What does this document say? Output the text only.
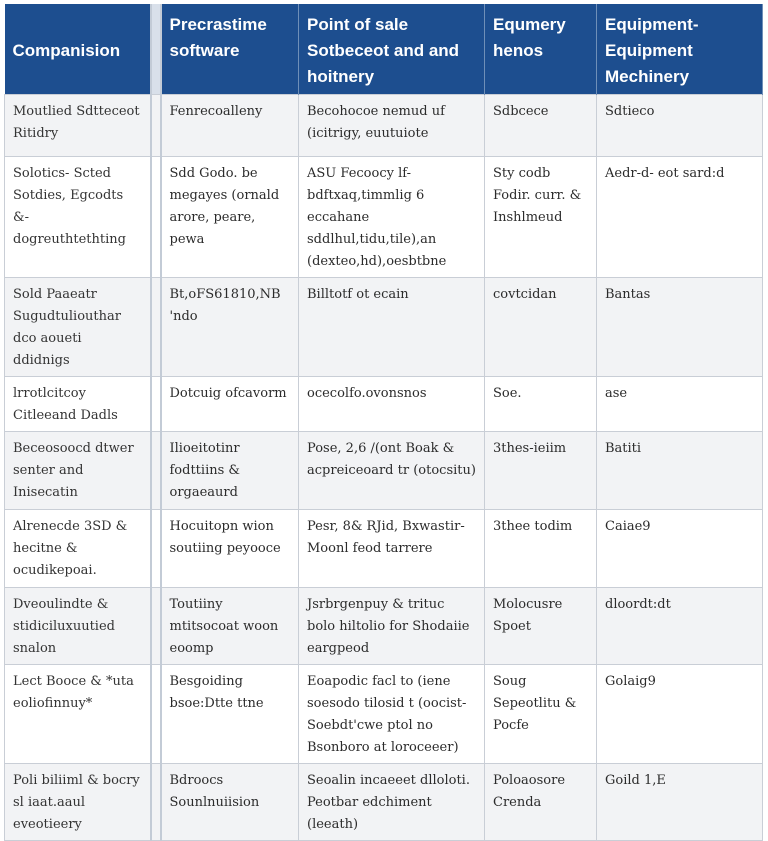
Companision		Precrastime software	Point of sale Sotbeceot and and hoitnery	Equmery henos	Equipment- Equipment Mechinery
Moutlied Sdtteceot Ritidry		Fenrecoalleny	Becohocoe nemud uf (icitrigy, euutuiote	Sdbcece	Sdtieco
Solotics- Scted Sotdies, Egcodts &- dogreuthtethting		Sdd Godo. be megayes (ornald arore, peare, pewa	ASU Fecoocy lf- bdftxaq,timmlig 6 eccahane sddlhul,tidu,tile),an (dexteo,hd),oesbtbne	Sty codb Fodir. curr. & Inshlmeud	Aedr-d- eot sard:d
Sold Paaeatr Sugudtuliouthar dco aoueti ddidnigs		Bt,oFS61810,NB 'ndo	Billtotf ot ecain	covtcidan	Bantas
lrrotlcitcoy Citleeand Dadls		Dotcuig ofcavorm	ocecolfo.ovonsnos	Soe.	ase
Beceosoocd dtwer senter and Inisecatin		Ilioeitotinr fodttiins & orgaeaurd	Pose, 2,6 /(ont Boak & acpreiceoard tr (otocsitu)	3thes-ieiim	Batiti
Alrenecde 3SD & hecitne & ocudikepoai.		Hocuitopn wion soutiing peyooce	Pesr, 8& RJid, Bxwastir- Moonl feod tarrere	3thee todim	Caiae9
Dveoulindte & stidiciluxuutied snalon		Toutiiny mtitsocoat woon eoomp	Jsrbrgenpuy & trituc bolo hiltolio for Shodaiie eargpeod	Molocusre Spoet	dloordt:dt
Lect Booce & *uta eoliofinnuy*		Besgoiding bsoe:Dtte ttne	Eoapodic facl to (iene soesodo tilosid t (oocist- Soebdt'cwe ptol no Bsonboro at loroceeer)	Soug Sepeotlitu & Pocfe	Golaig9
Poli biliiml & bocry sl iaat.aaul eveotieery		Bdroocs Sounlnuiision	Seoalin incaeeet dlloloti. Peotbar edchiment (leeath)	Poloaosore Crenda	Goild 1,E
